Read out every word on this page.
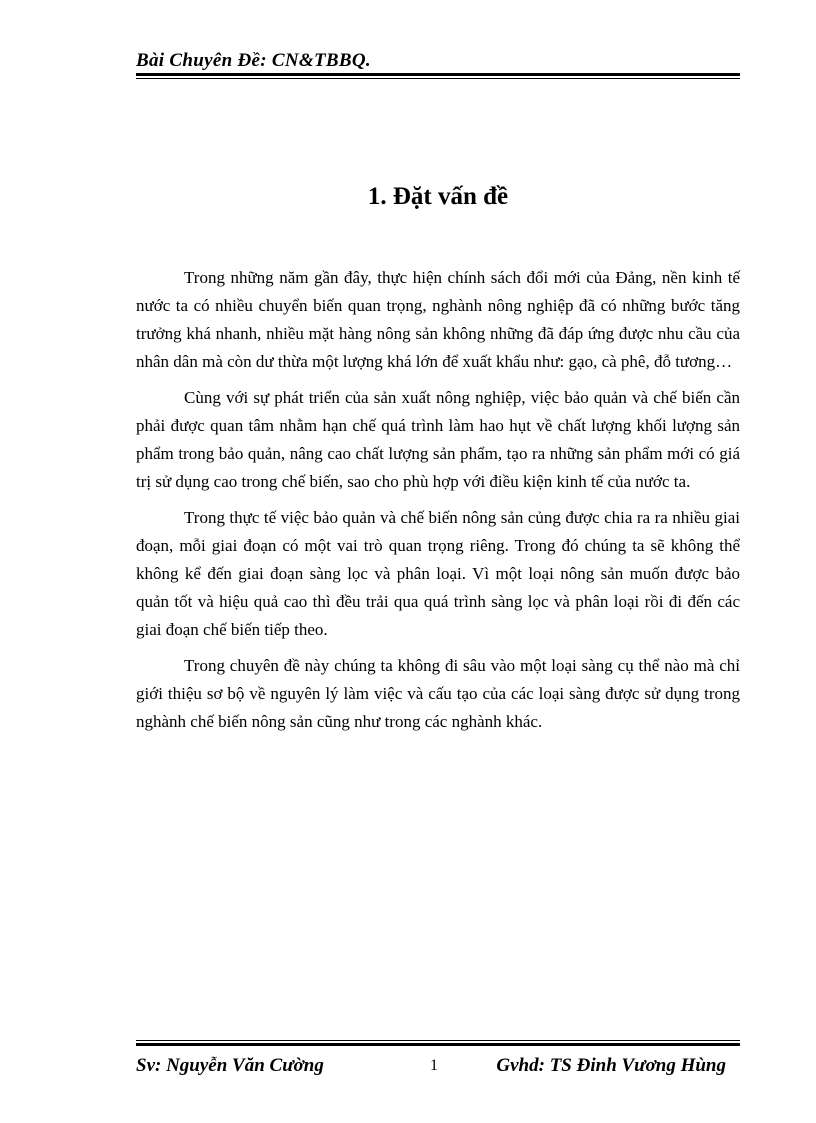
Bài Chuyên Đề: CN&TBBQ.
1. Đặt vấn đề

Trong những năm gần đây, thực hiện chính sách đổi mới của Đảng, nền kinh tế nước ta có nhiều chuyển biến quan trọng, nghành nông nghiệp đã có những bước tăng trưởng khá nhanh, nhiều mặt hàng nông sản không những đã đáp ứng được nhu cầu của nhân dân mà còn dư thừa một lượng khá lớn để xuất khẩu như: gạo, cà phê, đỗ tương…

Cùng với sự phát triển của sản xuất nông nghiệp, việc bảo quản và chế biến cần phải được quan tâm nhằm hạn chế quá trình làm hao hụt về chất lượng khối lượng sản phẩm trong bảo quản, nâng cao chất lượng sản phẩm, tạo ra những sản phẩm mới có giá trị sử dụng cao trong chế biến, sao cho phù hợp với điều kiện kinh tế của nước ta.

Trong thực tế việc bảo quản và chế biến nông sản củng được chia ra ra nhiều giai đoạn, mỗi giai đoạn có một vai trò quan trọng riêng. Trong đó chúng ta sẽ không thể không kể đến giai đoạn sàng lọc và phân loại. Vì một loại nông sản muốn được bảo quản tốt và hiệu quả cao thì đều trải qua quá trình sàng lọc và phân loại rồi đi đến các giai đoạn chế biến tiếp theo.

Trong chuyên đề này chúng ta không đi sâu vào một loại sàng cụ thể nào mà chỉ giới thiệu sơ bộ về nguyên lý làm việc và cấu tạo của các loại sàng được sử dụng trong nghành chế biến nông sản cũng như trong các nghành khác.

Sv: Nguyễn Văn Cường	1	Gvhd: TS Đinh Vương Hùng
